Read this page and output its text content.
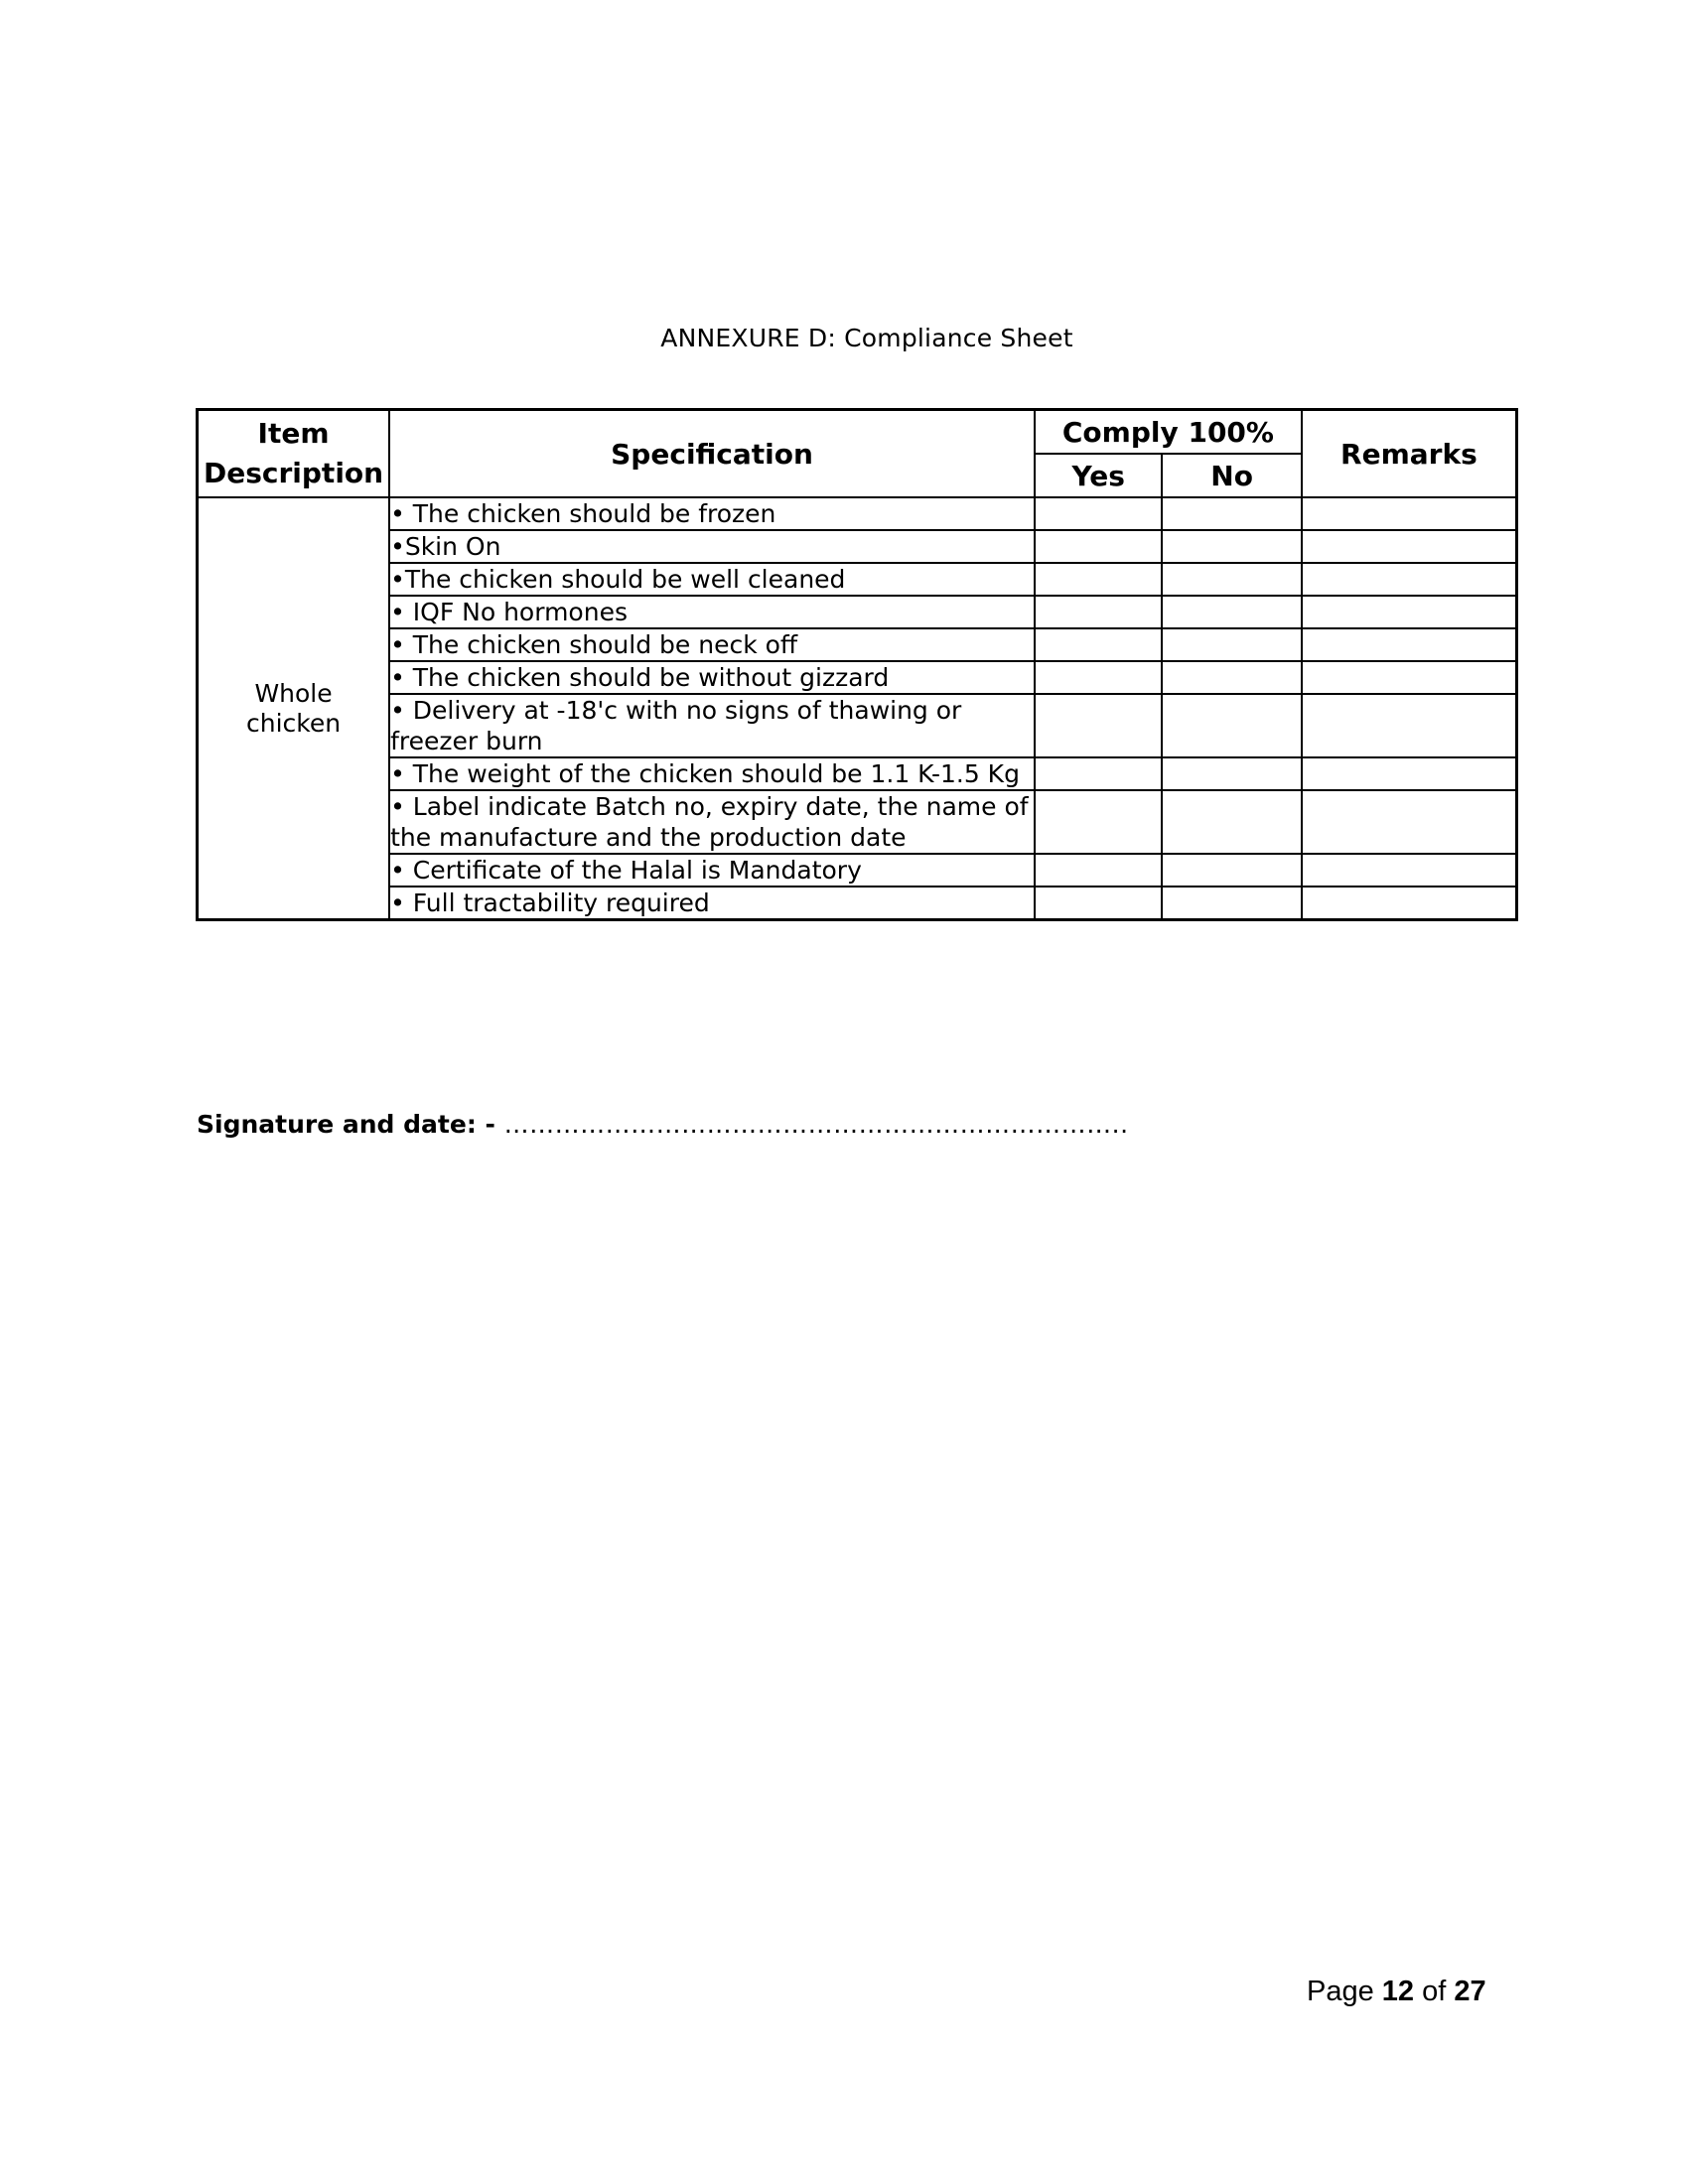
ANNEXURE D: Compliance Sheet
Item
Description	Specification	Comply 100%		Remarks
		Yes	No	

Whole
chicken	• The chicken should be frozen			
	•Skin On			
	•The chicken should be well cleaned			
	• IQF No hormones			
	• The chicken should be neck off			
	• The chicken should be without gizzard			
	• Delivery at -18'c with no signs of thawing or freezer burn			
	• The weight of the chicken should be 1.1 K-1.5 Kg			
	• Label indicate Batch no, expiry date, the name of the manufacture and the production date			
	• Certificate of the Halal is Mandatory			
	• Full tractability required			
Signature and date: - ………………………………………………………………..
Page 12 of 27
